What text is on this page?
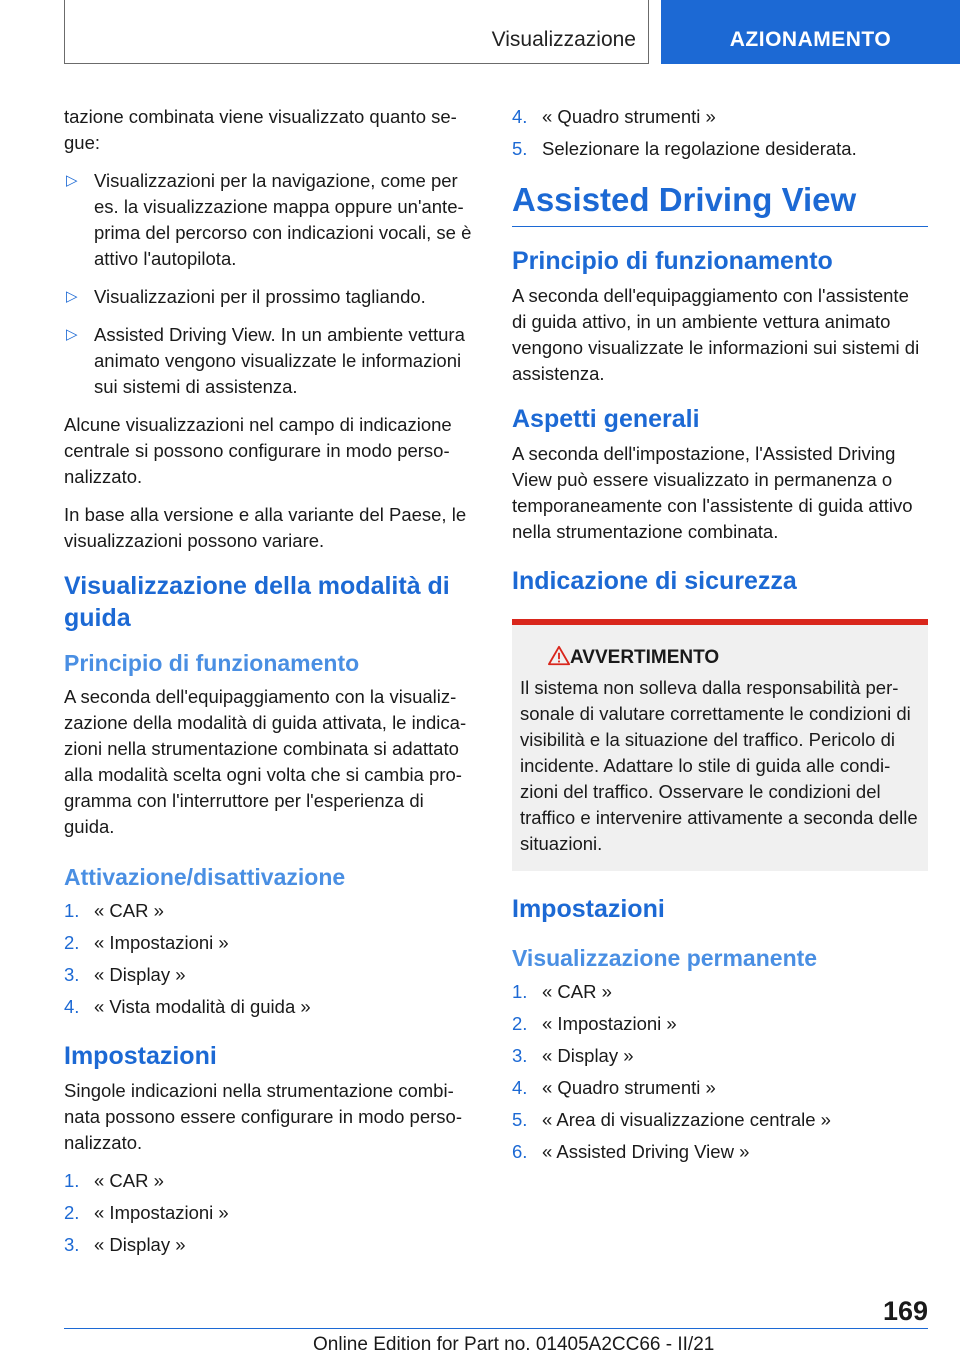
Visualizzazione	AZIONAMENTO

tazione combinata viene visualizzato quanto se-gue:

▷ Visualizzazioni per la navigazione, come per es. la visualizzazione mappa oppure un'ante-prima del percorso con indicazioni vocali, se è attivo l'autopilota.
▷ Visualizzazioni per il prossimo tagliando.
▷ Assisted Driving View. In un ambiente vettura animato vengono visualizzate le informazioni sui sistemi di assistenza.

Alcune visualizzazioni nel campo di indicazione centrale si possono configurare in modo perso-nalizzato.

In base alla versione e alla variante del Paese, le visualizzazioni possono variare.

Visualizzazione della modalità di guida
Principio di funzionamento

A seconda dell'equipaggiamento con la visualiz-zazione della modalità di guida attivata, le indica-zioni nella strumentazione combinata si adattato alla modalità scelta ogni volta che si cambia pro-gramma con l'interruttore per l'esperienza di guida.

Attivazione/disattivazione
1. « CAR »
2. « Impostazioni »
3. « Display »
4. « Vista modalità di guida »
Impostazioni

Singole indicazioni nella strumentazione combi-nata possono essere configurare in modo perso-nalizzato.

1. « CAR »
2. « Impostazioni »
3. « Display »
4. « Quadro strumenti »
5. Selezionare la regolazione desiderata.
Assisted Driving View
Principio di funzionamento

A seconda dell'equipaggiamento con l'assistente di guida attivo, in un ambiente vettura animato vengono visualizzate le informazioni sui sistemi di assistenza.

Aspetti generali

A seconda dell'impostazione, l'Assisted Driving View può essere visualizzato in permanenza o temporaneamente con l'assistente di guida attivo nella strumentazione combinata.

Indicazione di sicurezza
AVVERTIMENTO

Il sistema non solleva dalla responsabilità per-sonale di valutare correttamente le condizioni di visibilità e la situazione del traffico. Pericolo di incidente. Adattare lo stile di guida alle condi-zioni del traffico. Osservare le condizioni del traffico e intervenire attivamente a seconda delle situazioni.

Impostazioni
Visualizzazione permanente
1. « CAR »
2. « Impostazioni »
3. « Display »
4. « Quadro strumenti »
5. « Area di visualizzazione centrale »
6. « Assisted Driving View »
169
Online Edition for Part no. 01405A2CC66 - II/21
